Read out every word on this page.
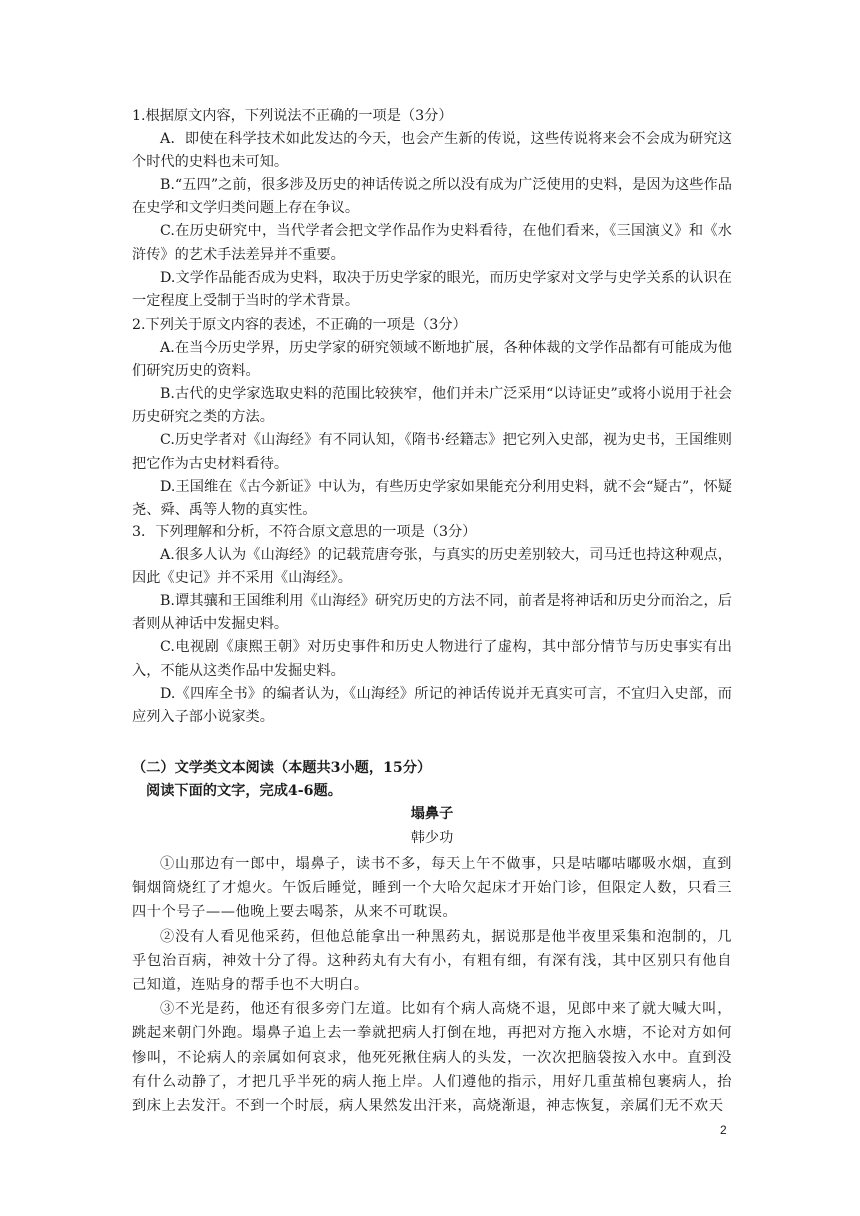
1.根据原文内容，下列说法不正确的一项是（3分）

A．即使在科学技术如此发达的今天，也会产生新的传说，这些传说将来会不会成为研究这个时代的史料也未可知。

B.“五四”之前，很多涉及历史的神话传说之所以没有成为广泛使用的史料，是因为这些作品在史学和文学归类问题上存在争议。

C.在历史研究中，当代学者会把文学作品作为史料看待，在他们看来，《三国演义》和《水浒传》的艺术手法差异并不重要。

D.文学作品能否成为史料，取决于历史学家的眼光，而历史学家对文学与史学关系的认识在一定程度上受制于当时的学术背景。

2.下列关于原文内容的表述，不正确的一项是（3分）

A.在当今历史学界，历史学家的研究领域不断地扩展，各种体裁的文学作品都有可能成为他们研究历史的资料。

B.古代的史学家选取史料的范围比较狭窄，他们并未广泛采用“以诗证史”或将小说用于社会历史研究之类的方法。

C.历史学者对《山海经》有不同认知，《隋书·经籍志》把它列入史部，视为史书，王国维则把它作为古史材料看待。

D.王国维在《古今新证》中认为，有些历史学家如果能充分利用史料，就不会“疑古”，怀疑尧、舜、禹等人物的真实性。

3．下列理解和分析，不符合原文意思的一项是（3分）

A.很多人认为《山海经》的记载荒唐夸张，与真实的历史差别较大，司马迁也持这种观点，因此《史记》并不采用《山海经》。

B.谭其骧和王国维利用《山海经》研究历史的方法不同，前者是将神话和历史分而治之，后者则从神话中发掘史料。

C.电视剧《康熙王朝》对历史事件和历史人物进行了虚构，其中部分情节与历史事实有出入，不能从这类作品中发掘史料。

D.《四库全书》的编者认为，《山海经》所记的神话传说并无真实可言，不宜归入史部，而应列入子部小说家类。

（二）文学类文本阅读（本题共3小题，15分）
阅读下面的文字，完成4-6题。
塌鼻子
韩少功

①山那边有一郎中，塌鼻子，读书不多，每天上午不做事，只是咕嘟咕嘟吸水烟，直到铜烟筒烧红了才熄火。午饭后睡觉，睡到一个大哈欠起床才开始门诊，但限定人数，只看三四十个号子——他晚上要去喝茶，从来不可耽误。

②没有人看见他采药，但他总能拿出一种黑药丸，据说那是他半夜里采集和泡制的，几乎包治百病，神效十分了得。这种药丸有大有小，有粗有细，有深有浅，其中区别只有他自己知道，连贴身的帮手也不大明白。

③不光是药，他还有很多旁门左道。比如有个病人高烧不退，见郎中来了就大喊大叫，跳起来朝门外跑。塌鼻子追上去一拳就把病人打倒在地，再把对方拖入水塘，不论对方如何惨叫，不论病人的亲属如何哀求，他死死揪住病人的头发，一次次把脑袋按入水中。直到没有什么动静了，才把几乎半死的病人拖上岸。人们遵他的指示，用好几重茧棉包裹病人，抬到床上去发汗。不到一个时辰，病人果然发出汗来，高烧渐退，神志恢复，亲属们无不欢天

2
